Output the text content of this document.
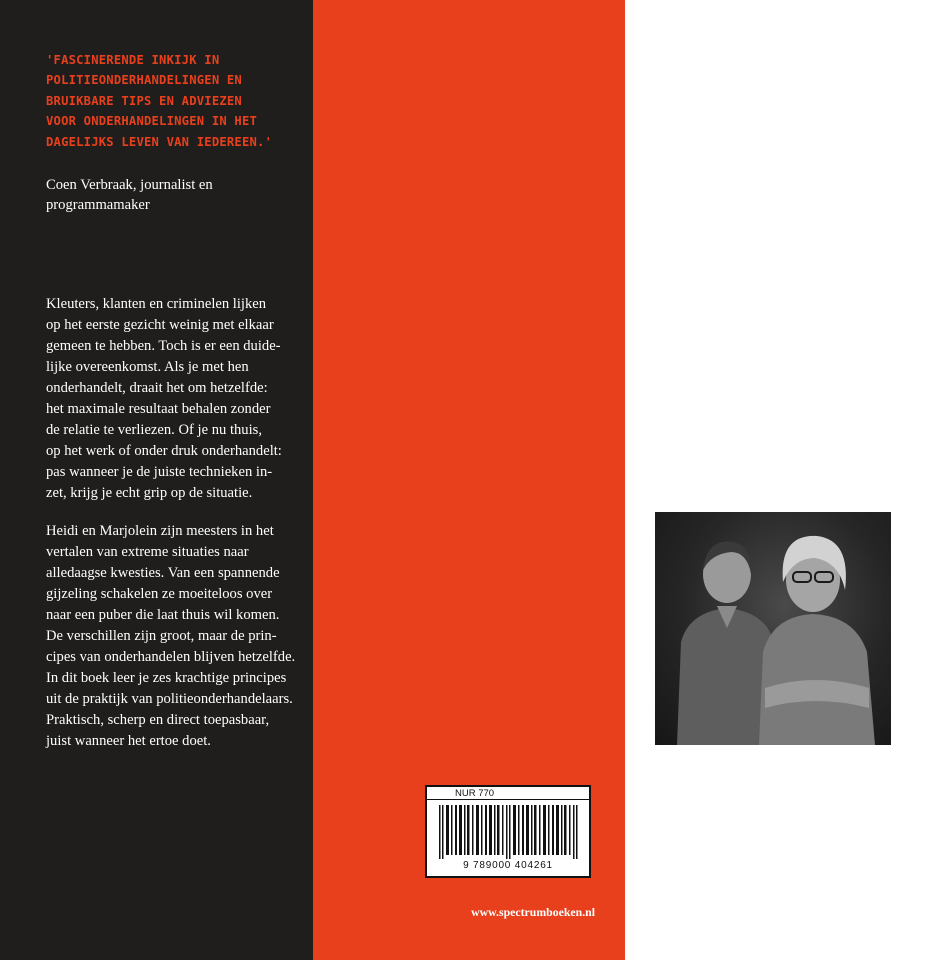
'FASCINERENDE INKIJK IN
POLITIEONDERHANDELINGEN EN
BRUIKBARE TIPS EN ADVIEZEN
VOOR ONDERHANDELINGEN IN HET
DAGELIJKS LEVEN VAN IEDEREEN.'

Coen Verbraak, journalist en
programmamaker

Kleuters, klanten en criminelen lijken
op het eerste gezicht weinig met elkaar
gemeen te hebben. Toch is er een duide-
lijke overeenkomst. Als je met hen
onderhandelt, draait het om hetzelfde:
het maximale resultaat behalen zonder
de relatie te verliezen. Of je nu thuis,
op het werk of onder druk onderhandelt:
pas wanneer je de juiste technieken in-
zet, krijg je echt grip op de situatie.

Heidi en Marjolein zijn meesters in het
vertalen van extreme situaties naar
alledaagse kwesties. Van een spannende
gijzeling schakelen ze moeiteloos over
naar een puber die laat thuis wil komen.
De verschillen zijn groot, maar de prin-
cipes van onderhandelen blijven hetzelfde.
In dit boek leer je zes krachtige principes
uit de praktijk van politieonderhandelaars.
Praktisch, scherp en direct toepasbaar,
juist wanneer het ertoe doet.

HEIDI NIEBOER was onderhandelaar
bij de politie en leidinggevende. Zo is
zij vele malen ingezet bij gijzelingen,
ontvoeringen en pogingen zelfdoding.
Tegenwoordig geeft zij in binnen- en
buitenland trainingen. Hierbij vertaalt
zij haar kennis en ervaringen als gijze-
lingsonderhandelaar, leidinggevende en
gedragswetenschapper bij de politie
naar de dagelijkse praktijk van diverse
beroepsgroepen.

MARJOLEIN SMIT-ARNOLD BIK is
leidinggevende bij de politie. Marjolein
heeft veel ervaring opgedaan als leiding-
gevende van teams en diensten en ook
als algemeen commandant bij evenemen-
ten, crises en grote rechercheonderzoeken.
Als vrijwilliger is zij mediator en buurt-
bemiddelaar, rollen waarbij ze moeilijke
gesprekken faciliteert.

NUR 770
9 789000 404261

www.spectrumboeken.nl
